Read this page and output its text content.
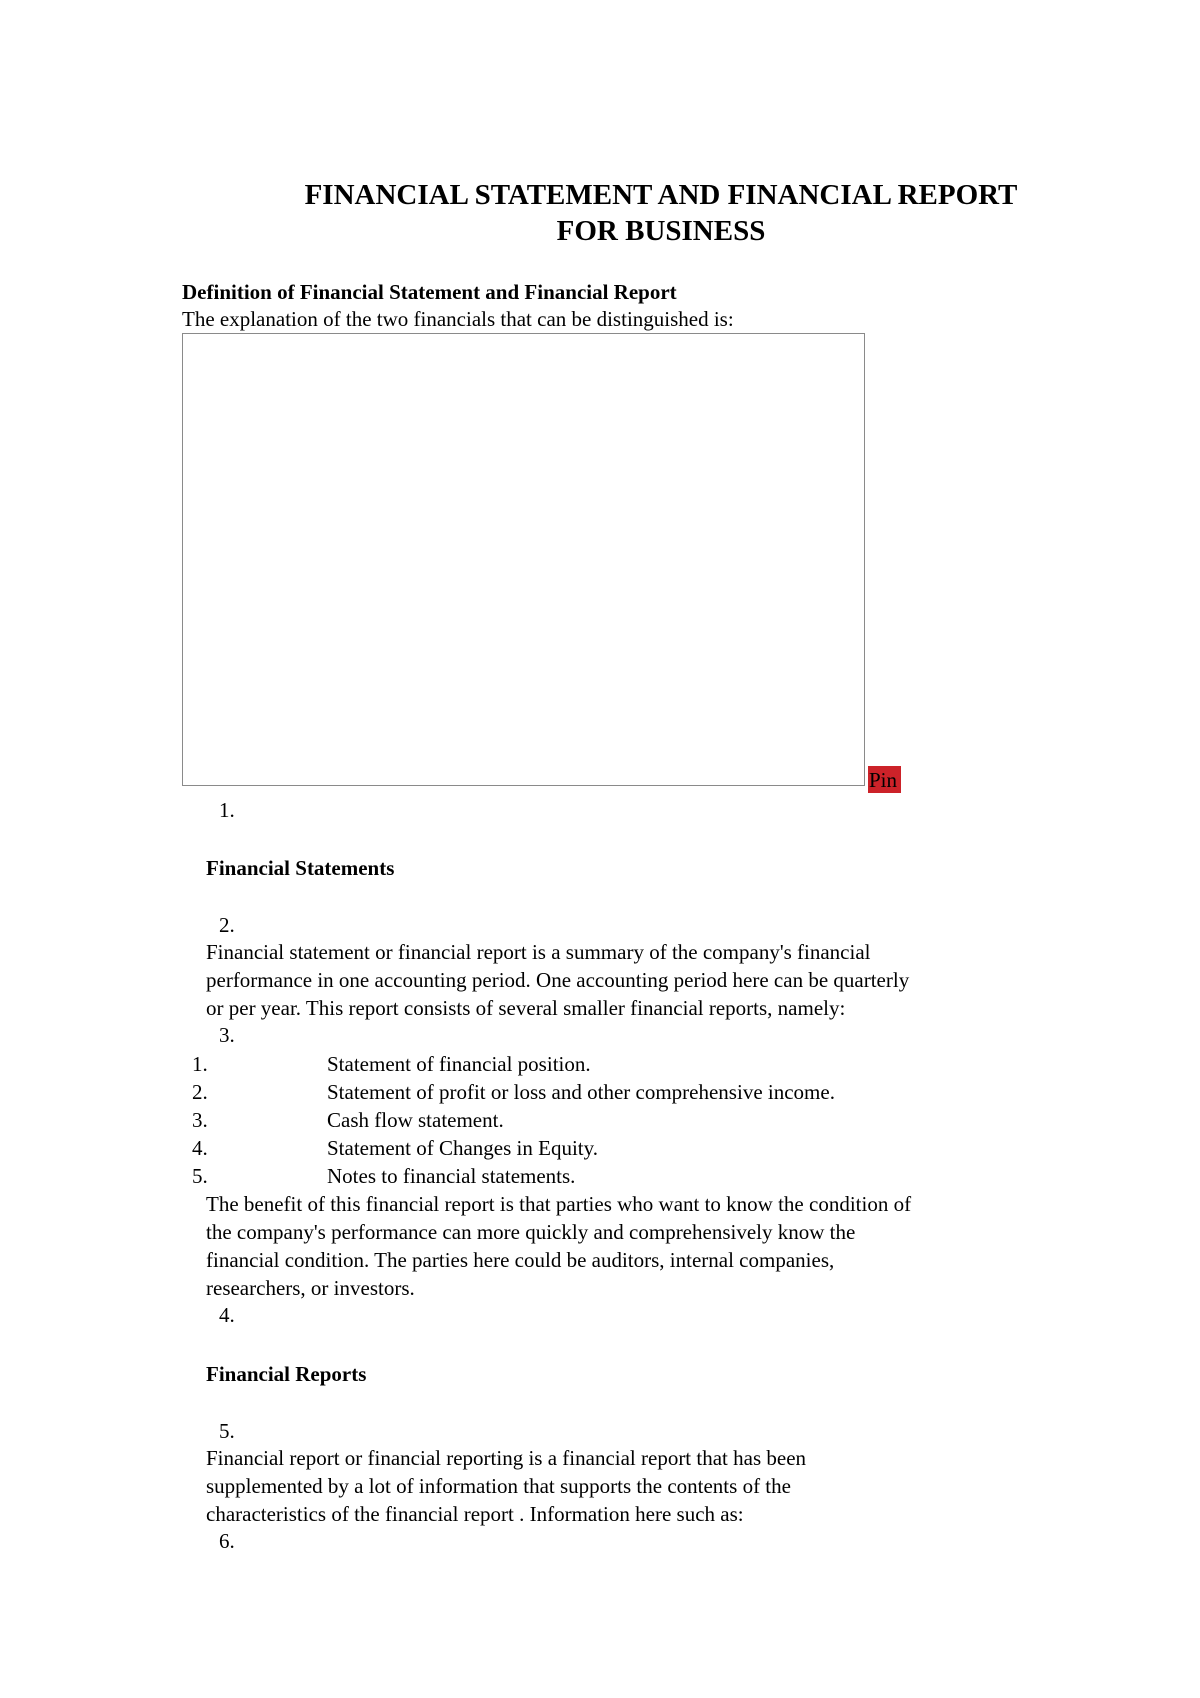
FINANCIAL STATEMENT AND FINANCIAL REPORT
FOR BUSINESS
Definition of Financial Statement and Financial Report
The explanation of the two financials that can be distinguished is:
Pin
1.
Financial Statements
2.
Financial statement or financial report is a summary of the company's financial
performance in one accounting period. One accounting period here can be quarterly
or per year. This report consists of several smaller financial reports, namely:
3.
1.	Statement of financial position.
2.	Statement of profit or loss and other comprehensive income.
3.	Cash flow statement.
4.	Statement of Changes in Equity.
5.	Notes to financial statements.
The benefit of this financial report is that parties who want to know the condition of
the company's performance can more quickly and comprehensively know the
financial condition. The parties here could be auditors, internal companies,
researchers, or investors.
4.
Financial Reports
5.
Financial report or financial reporting is a financial report that has been
supplemented by a lot of information that supports the contents of the
characteristics of the financial report . Information here such as:
6.
